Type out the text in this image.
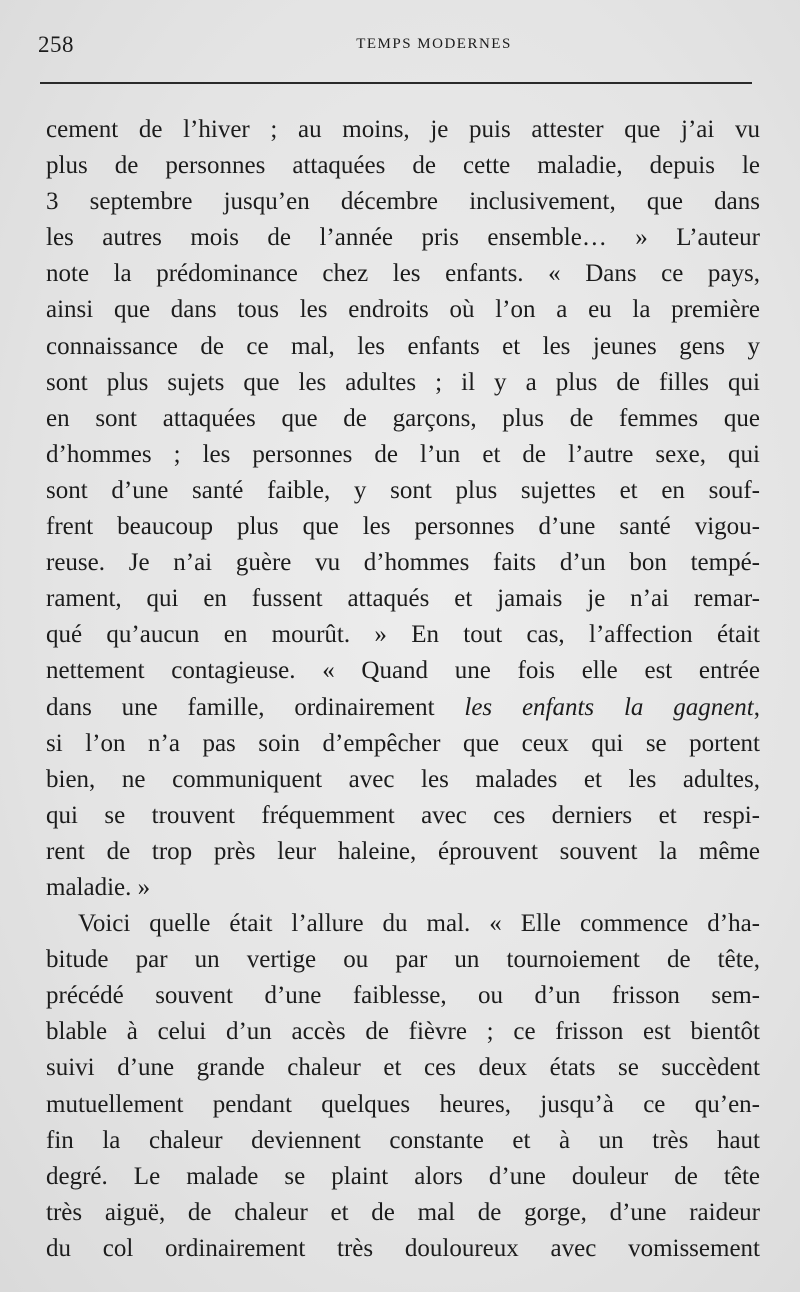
258	TEMPS MODERNES
cement de l’hiver ; au moins, je puis attester que j’ai vu
plus de personnes attaquées de cette maladie, depuis le
3 septembre jusqu’en décembre inclusivement, que dans
les autres mois de l’année pris ensemble… » L’auteur
note la prédominance chez les enfants. « Dans ce pays,
ainsi que dans tous les endroits où l’on a eu la première
connaissance de ce mal, les enfants et les jeunes gens y
sont plus sujets que les adultes ; il y a plus de filles qui
en sont attaquées que de garçons, plus de femmes que
d’hommes ; les personnes de l’un et de l’autre sexe, qui
sont d’une santé faible, y sont plus sujettes et en souf-
frent beaucoup plus que les personnes d’une santé vigou-
reuse. Je n’ai guère vu d’hommes faits d’un bon tempé-
rament, qui en fussent attaqués et jamais je n’ai remar-
qué qu’aucun en mourût. » En tout cas, l’affection était
nettement contagieuse. « Quand une fois elle est entrée
dans une famille, ordinairement les enfants la gagnent,
si l’on n’a pas soin d’empêcher que ceux qui se portent
bien, ne communiquent avec les malades et les adultes,
qui se trouvent fréquemment avec ces derniers et respi-
rent de trop près leur haleine, éprouvent souvent la même
maladie. »
Voici quelle était l’allure du mal. « Elle commence d’ha-
bitude par un vertige ou par un tournoiement de tête,
précédé souvent d’une faiblesse, ou d’un frisson sem-
blable à celui d’un accès de fièvre ; ce frisson est bientôt
suivi d’une grande chaleur et ces deux états se succèdent
mutuellement pendant quelques heures, jusqu’à ce qu’en-
fin la chaleur deviennent constante et à un très haut
degré. Le malade se plaint alors d’une douleur de tête
très aiguë, de chaleur et de mal de gorge, d’une raideur
du col ordinairement très douloureux avec vomissement
